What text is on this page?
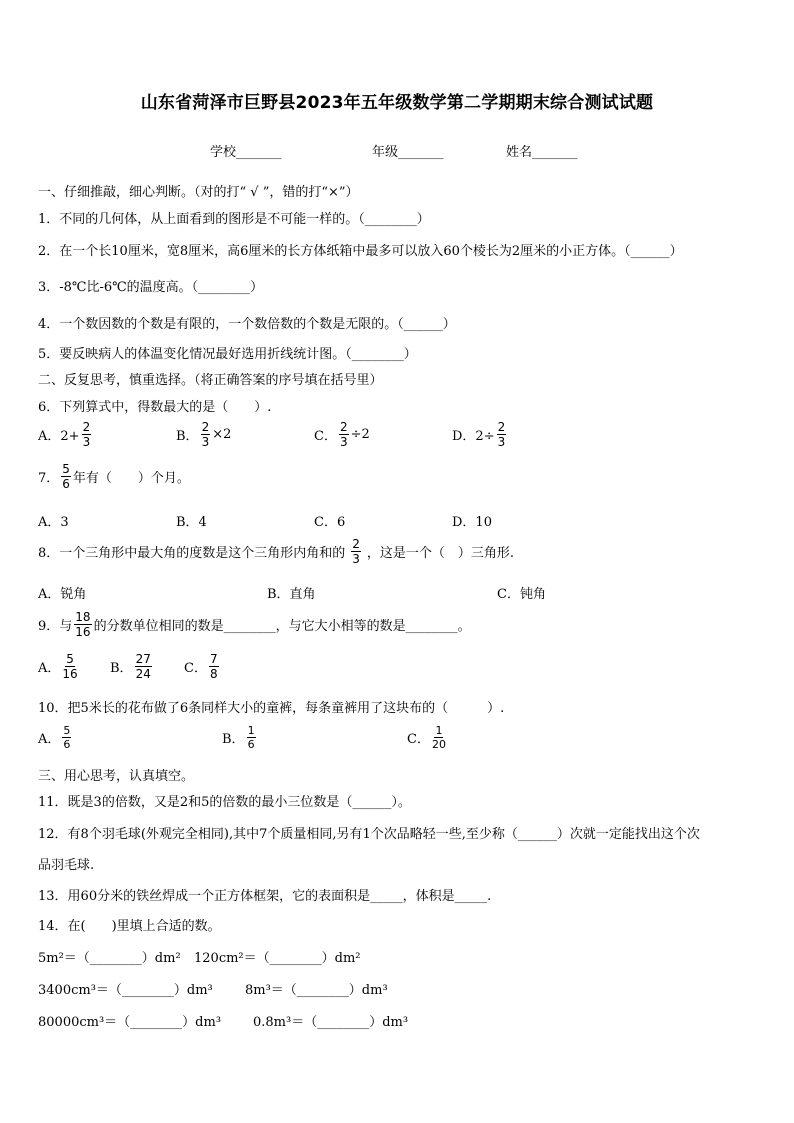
山东省菏泽市巨野县2023年五年级数学第二学期期末综合测试试题
学校_______	年级_______	姓名_______
一、仔细推敲，细心判断。（对的打“ √ ”，错的打“×”）
1．不同的几何体，从上面看到的图形是不可能一样的。（________）
2．在一个长10厘米，宽8厘米，高6厘米的长方体纸箱中最多可以放入60个棱长为2厘米的小正方体。（______）
3．-8℃比-6℃的温度高。（________）
4．一个数因数的个数是有限的，一个数倍数的个数是无限的。（______）
5．要反映病人的体温变化情况最好选用折线统计图。（________）
二、反复思考，慎重选择。（将正确答案的序号填在括号里）
6．下列算式中，得数最大的是（　　）.
A．$2+ \frac{2}{3}$	B． $\frac{2}{3} \times 2$	C． $\frac{2}{3} \div 2$	D．$2\div \frac{2}{3}$
7． $\frac{5}{6}$ 年有（　　）个月。
A．3	B．4	C．6	D．10
8．一个三角形中最大角的度数是这个三角形内角和的 $\frac{2}{3}$ ，这是一个（　）三角形.
A．锐角	B．直角	C．钝角
9．与 $\frac{18}{16}$ 的分数单位相同的数是________，与它大小相等的数是________。
A． $\frac{5}{16}$ B． $\frac{27}{24}$ C． $\frac{7}{8}$
10．把5米长的花布做了6条同样大小的童裤，每条童裤用了这块布的（　　　）.
A． $\frac{5}{6}$	B． $\frac{1}{6}$	C． $\frac{1}{20}$
三、用心思考，认真填空。
11．既是3的倍数，又是2和5的倍数的最小三位数是（______）。
12．有8个羽毛球(外观完全相同),其中7个质量相同,另有1个次品略轻一些,至少称（______）次就一定能找出这个次
品羽毛球.
13．用60分米的铁丝焊成一个正方体框架，它的表面积是_____，体积是_____.
14．在(　　)里填上合适的数。
5m²＝（________）dm² 120cm²＝（________）dm²
3400cm³＝（________）dm³ 8m³＝（________）dm³
80000cm³＝（________）dm³ 0.8m³＝（________）dm³
